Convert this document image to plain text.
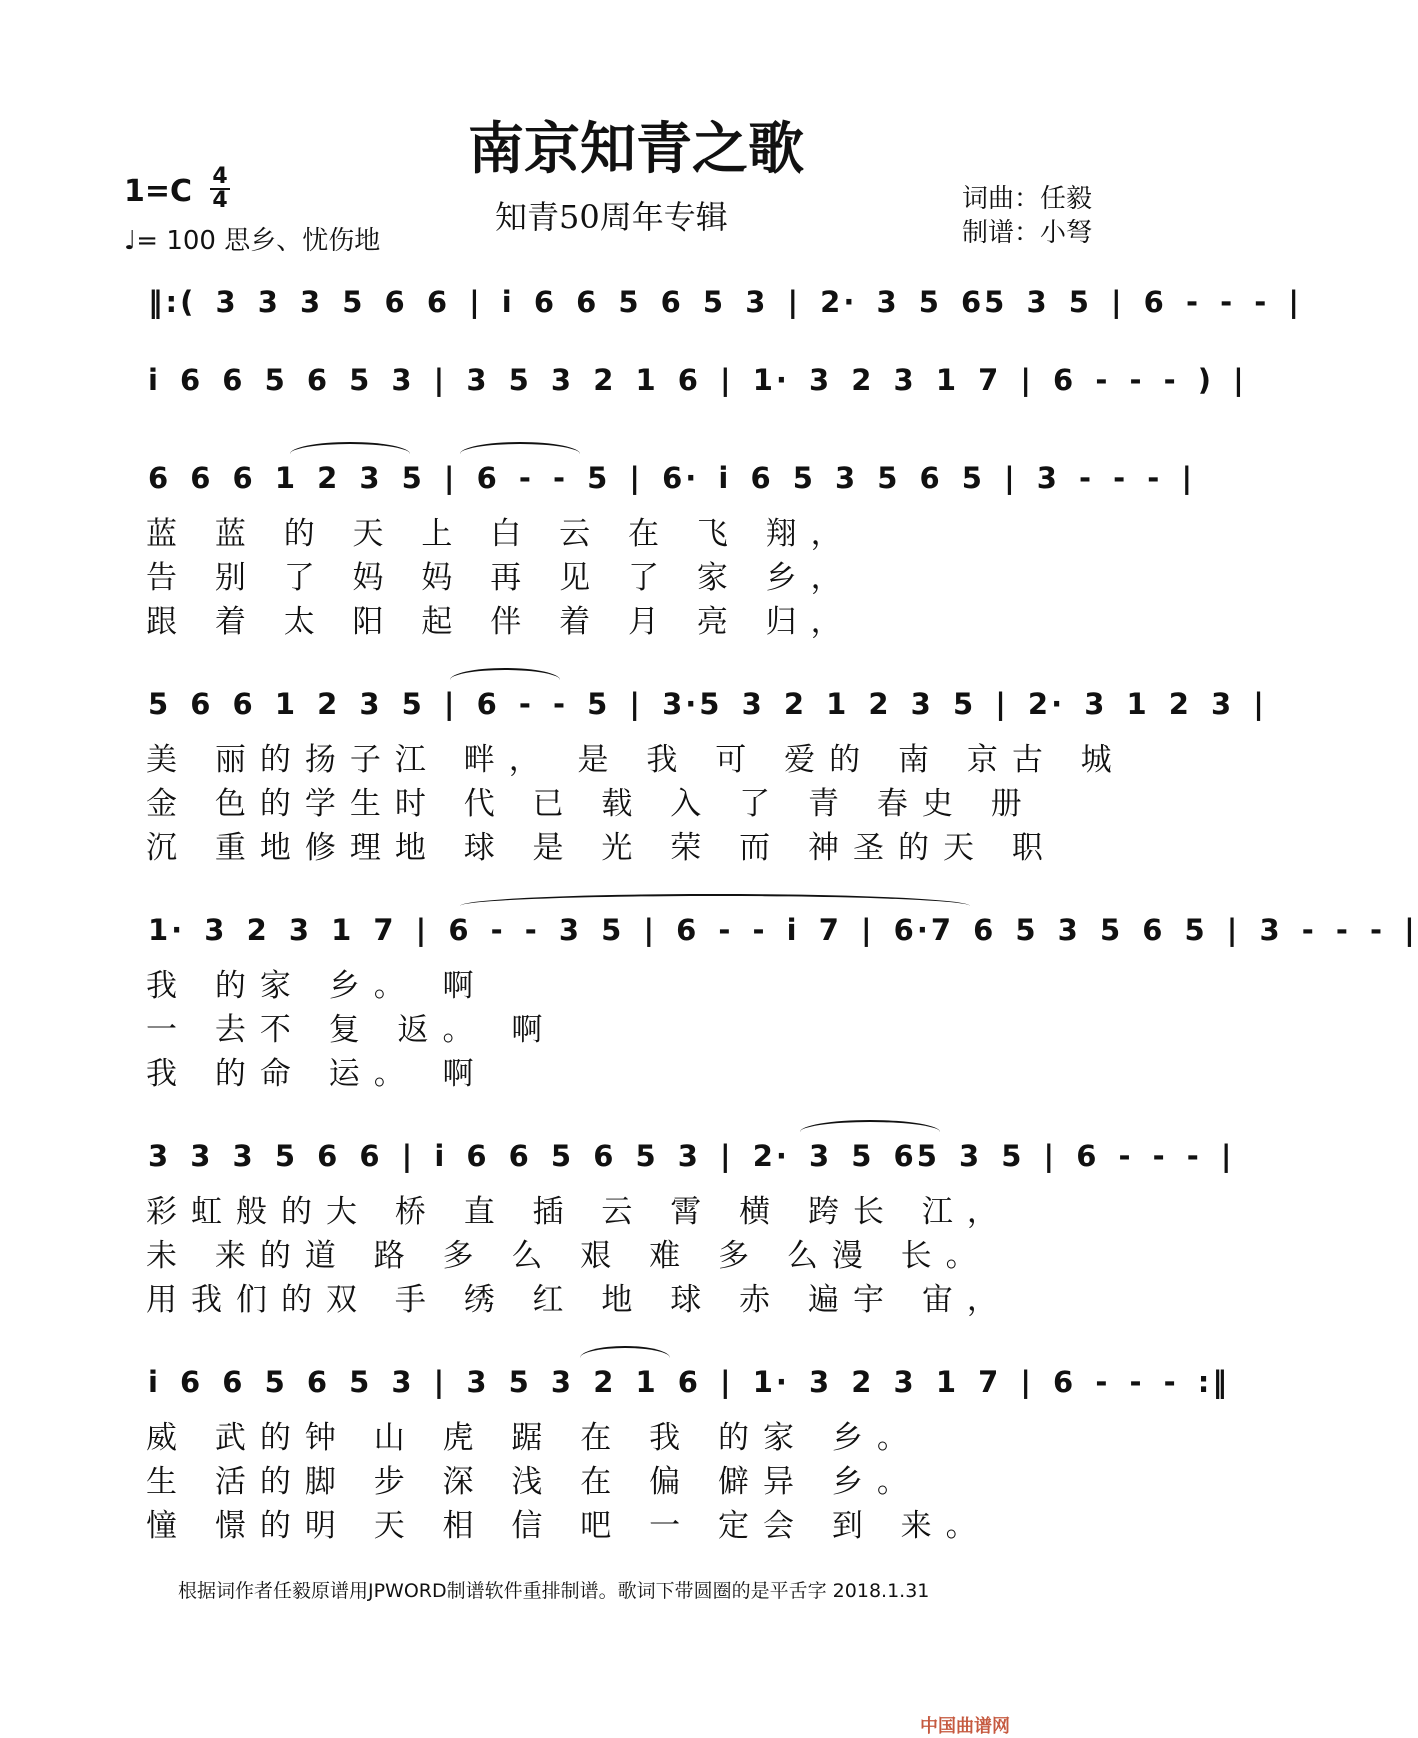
南京知青之歌
知青50周年专辑
1=C 4
4
♩= 100 思乡、忧伤地
词曲：任毅
制谱：小弩
‖:( 3 3 3 5 6 6 | i 6 6 5 6 5 3 | 2· 3 5 65 3 5 | 6 - - - |
i 6 6 5 6 5 3 | 3 5 3 2 1 6 | 1· 3 2 3 1 7 | 6 - - - ) |
6 6 6 1 2 3 5 | 6 - - 5 | 6· i 6 5 3 5 6 5 | 3 - - - |
蓝 蓝 的 天 上 白 云 在 飞 翔，
告 别 了 妈 妈 再 见 了 家 乡，
跟 着 太 阳 起 伴 着 月 亮 归，
5 6 6 1 2 3 5 | 6 - - 5 | 3·5 3 2 1 2 3 5 | 2· 3 1 2 3 |
美 丽的扬子江 畔， 是 我 可 爱的 南 京古 城
金 色的学生时 代 已 载 入 了 青 春史 册
沉 重地修理地 球 是 光 荣 而 神圣的天 职
1· 3 2 3 1 7 | 6 - - 3 5 | 6 - - i 7 | 6·7 6 5 3 5 6 5 | 3 - - - |
我 的家 乡。 啊
一 去不 复 返。 啊
我 的命 运。 啊
3 3 3 5 6 6 | i 6 6 5 6 5 3 | 2· 3 5 65 3 5 | 6 - - - |
彩虹般的大 桥 直 插 云 霄 横 跨长 江，
未 来的道 路 多 么 艰 难 多 么漫 长。
用我们的双 手 绣 红 地 球 赤 遍宇 宙，
i 6 6 5 6 5 3 | 3 5 3 2 1 6 | 1· 3 2 3 1 7 | 6 - - - :‖
威 武的钟 山 虎 踞 在 我 的家 乡。
生 活的脚 步 深 浅 在 偏 僻异 乡。
憧 憬的明 天 相 信 吧 一 定会 到 来。
根据词作者任毅原谱用JPWORD制谱软件重排制谱。歌词下带圆圈的是平舌字 2018.1.31
中国曲谱网
